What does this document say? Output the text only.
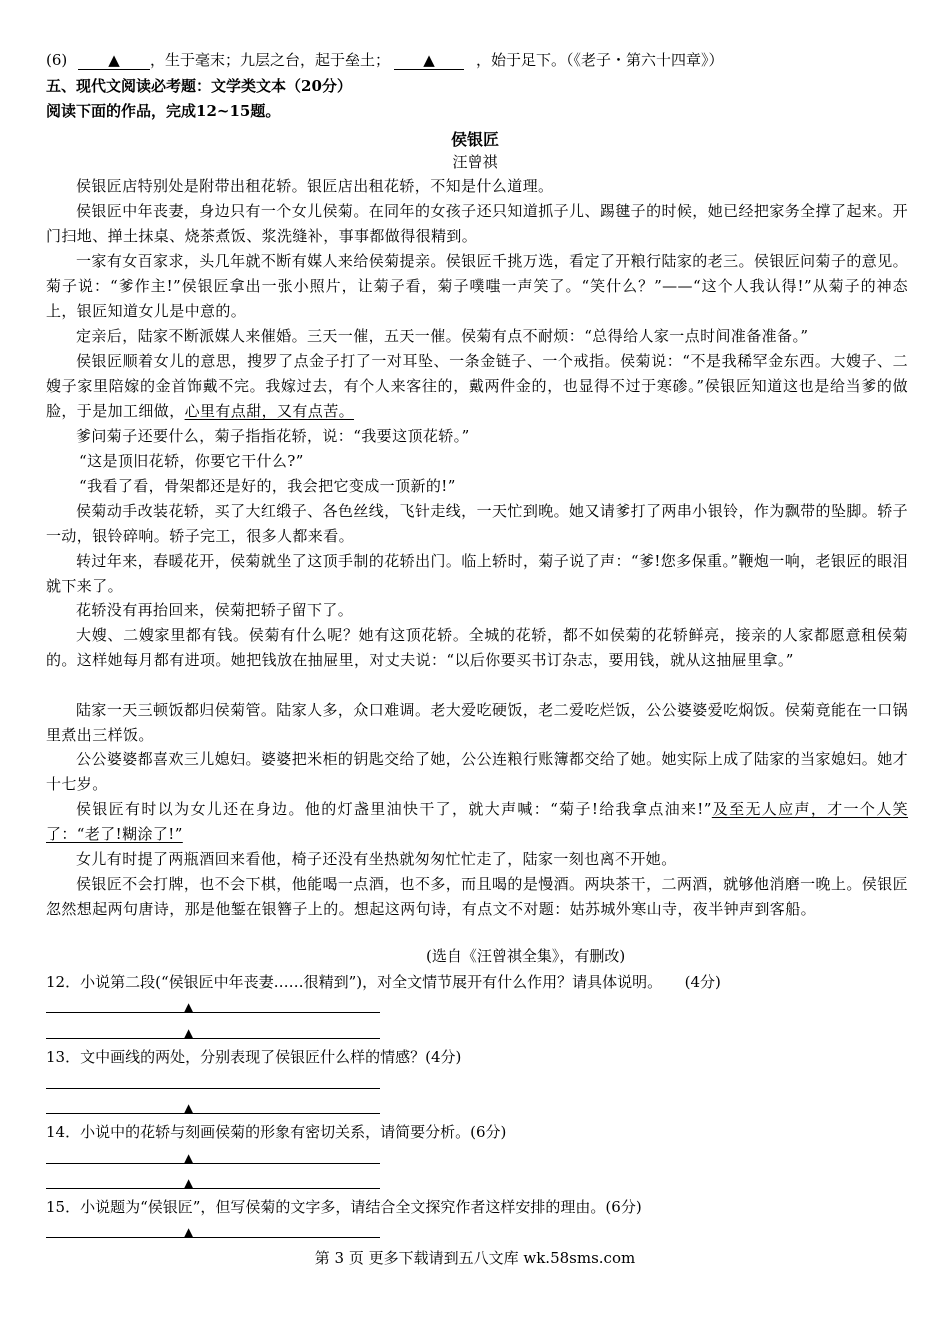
(6)	▲ ，生于毫末；九层之台，起于垒土； ▲	，始于足下。（《老子・第六十四章》）
五、现代文阅读必考题：文学类文本（20分）
阅读下面的作品，完成12~15题。
侯银匠
汪曾祺
侯银匠店特别处是附带出租花轿。银匠店出租花轿，不知是什么道理。
侯银匠中年丧妻，身边只有一个女儿侯菊。在同年的女孩子还只知道抓子儿、踢毽子的时候，她已经把家务全撑了起来。开门扫地、掸土抹桌、烧茶煮饭、浆洗缝补，事事都做得很精到。
一家有女百家求，头几年就不断有媒人来给侯菊提亲。侯银匠千挑万选，看定了开粮行陆家的老三。侯银匠问菊子的意见。菊子说：“爹作主!”侯银匠拿出一张小照片，让菊子看，菊子噗嗤一声笑了。“笑什么？”——“这个人我认得!”从菊子的神态上，银匠知道女儿是中意的。
定亲后，陆家不断派媒人来催婚。三天一催，五天一催。侯菊有点不耐烦：“总得给人家一点时间准备准备。”
侯银匠顺着女儿的意思，搜罗了点金子打了一对耳坠、一条金链子、一个戒指。侯菊说：“不是我稀罕金东西。大嫂子、二嫂子家里陪嫁的金首饰戴不完。我嫁过去，有个人来客往的，戴两件金的，也显得不过于寒碜。”侯银匠知道这也是给当爹的做脸，于是加工细做，心里有点甜，又有点苦。
爹问菊子还要什么，菊子指指花轿，说：“我要这顶花轿。”
“这是顶旧花轿，你要它干什么?”
“我看了看，骨架都还是好的，我会把它变成一顶新的!”
侯菊动手改装花轿，买了大红缎子、各色丝线，飞针走线，一天忙到晚。她又请爹打了两串小银铃，作为飘带的坠脚。轿子一动，银铃碎响。轿子完工，很多人都来看。
转过年来，春暖花开，侯菊就坐了这顶手制的花轿出门。临上轿时，菊子说了声：“爹!您多保重。”鞭炮一响，老银匠的眼泪就下来了。
花轿没有再抬回来，侯菊把轿子留下了。
大嫂、二嫂家里都有钱。侯菊有什么呢？她有这顶花轿。全城的花轿，都不如侯菊的花轿鲜亮，接亲的人家都愿意租侯菊的。这样她每月都有进项。她把钱放在抽屉里，对丈夫说：“以后你要买书订杂志，要用钱，就从这抽屉里拿。”
陆家一天三顿饭都归侯菊管。陆家人多，众口难调。老大爱吃硬饭，老二爱吃烂饭，公公婆婆爱吃焖饭。侯菊竟能在一口锅里煮出三样饭。
公公婆婆都喜欢三儿媳妇。婆婆把米柜的钥匙交给了她，公公连粮行账簿都交给了她。她实际上成了陆家的当家媳妇。她才十七岁。
侯银匠有时以为女儿还在身边。他的灯盏里油快干了，就大声喊：“菊子!给我拿点油来!”及至无人应声，才一个人笑了：“老了!糊涂了!”
女儿有时提了两瓶酒回来看他，椅子还没有坐热就匆匆忙忙走了，陆家一刻也离不开她。
侯银匠不会打牌，也不会下棋，他能喝一点酒，也不多，而且喝的是慢酒。两块茶干，二两酒，就够他消磨一晚上。侯银匠忽然想起两句唐诗，那是他錾在银簪子上的。想起这两句诗，有点文不对题：姑苏城外寒山寺，夜半钟声到客船。
(选自《汪曾祺全集》，有删改)
12．小说第二段(“侯银匠中年丧妻……很精到”)，对全文情节展开有什么作用？请具体说明。　　(4分)
▲
▲
13．文中画线的两处，分别表现了侯银匠什么样的情感？(4分)
▲
14．小说中的花轿与刻画侯菊的形象有密切关系，请简要分析。(6分)
▲
▲
15．小说题为“侯银匠”，但写侯菊的文字多，请结合全文探究作者这样安排的理由。(6分)
▲
第 3 页 更多下载请到五八文库 wk.58sms.com
